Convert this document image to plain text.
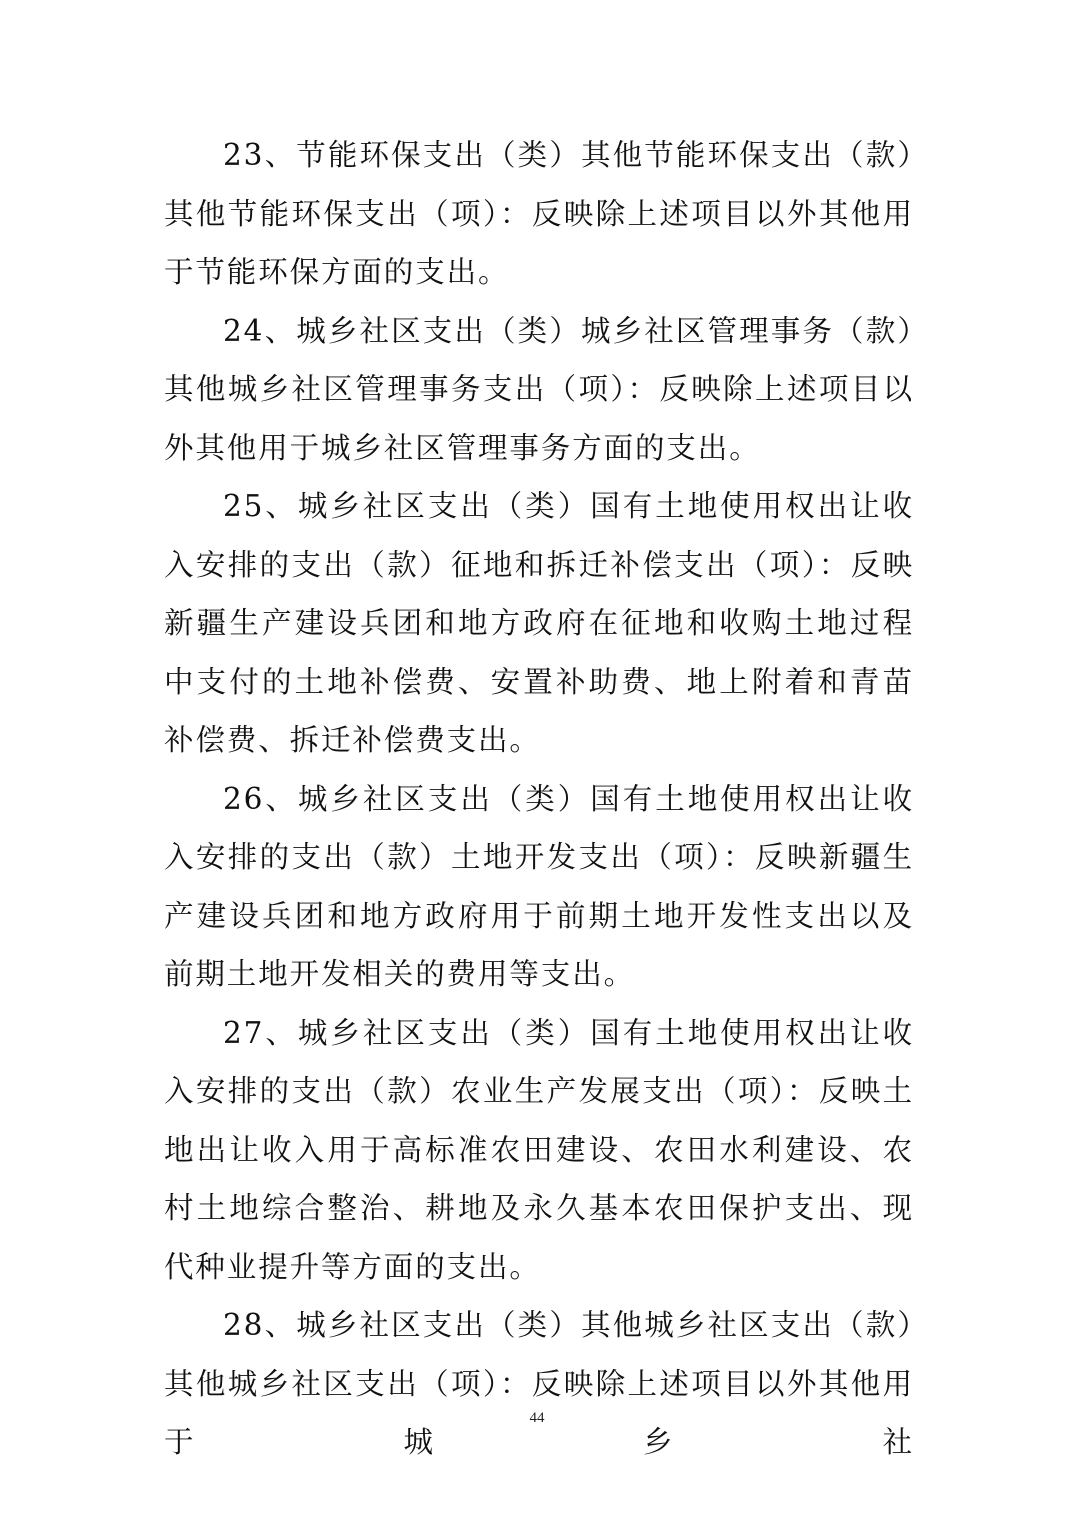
23、节能环保支出（类）其他节能环保支出（款）其他节能环保支出（项）：反映除上述项目以外其他用于节能环保方面的支出。

24、城乡社区支出（类）城乡社区管理事务（款）其他城乡社区管理事务支出（项）：反映除上述项目以外其他用于城乡社区管理事务方面的支出。

25、城乡社区支出（类）国有土地使用权出让收入安排的支出（款）征地和拆迁补偿支出（项）：反映新疆生产建设兵团和地方政府在征地和收购土地过程中支付的土地补偿费、安置补助费、地上附着和青苗补偿费、拆迁补偿费支出。

26、城乡社区支出（类）国有土地使用权出让收入安排的支出（款）土地开发支出（项）：反映新疆生产建设兵团和地方政府用于前期土地开发性支出以及前期土地开发相关的费用等支出。

27、城乡社区支出（类）国有土地使用权出让收入安排的支出（款）农业生产发展支出（项）：反映土地出让收入用于高标准农田建设、农田水利建设、农村土地综合整治、耕地及永久基本农田保护支出、现代种业提升等方面的支出。

28、城乡社区支出（类）其他城乡社区支出（款）其他城乡社区支出（项）：反映除上述项目以外其他用于城乡社

44
